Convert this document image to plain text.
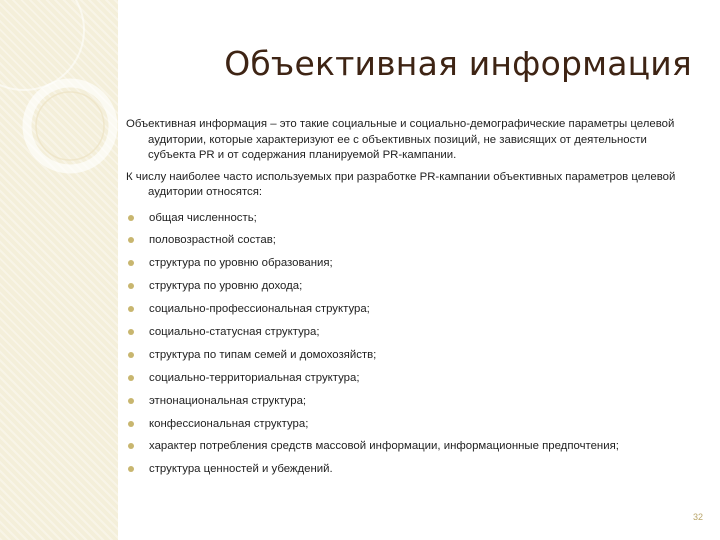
Объективная информация

Объективная информация – это такие социальные и социально-демографические параметры целевой аудитории, которые характеризуют ее с объективных позиций, не зависящих от деятельности субъекта PR и от содержания планируемой PR-кампании.

К числу наиболее часто используемых при разработке PR-кампании объективных параметров целевой аудитории относятся:

общая численность;
половозрастной состав;
структура по уровню образования;
структура по уровню дохода;
социально-профессиональная структура;
социально-статусная структура;
структура по типам семей и домохозяйств;
социально-территориальная структура;
этнонациональная структура;
конфессиональная структура;
характер потребления средств массовой информации, информационные предпочтения;
структура ценностей и убеждений.
32
